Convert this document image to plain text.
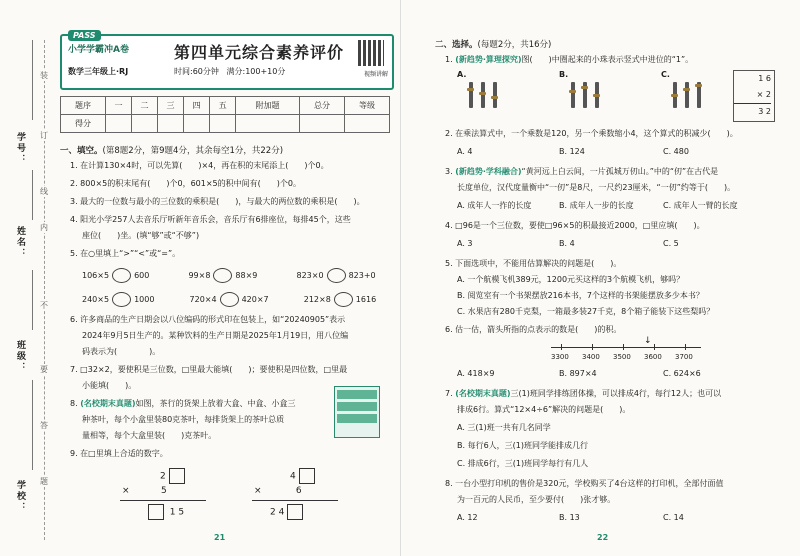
学号：
姓名：
班级：
学校：
装
订
线
内
不
要
答
题
PASS
小学学霸冲A卷
数学三年级上·RJ
第四单元综合素养评价
时间:60分钟 满分:100+10分	视频讲解
题序	一	二	三	四	五	附加题	总分	等级
得分								
一、填空。(第8题2分，第9题4分，其余每空1分，共22分)
1. 在计算130×4时，可以先算(　　)×4，再在积的末尾添上(　　)个0。
2. 800×5的积末尾有(　　)个0，601×5的积中间有(　　)个0。
3. 最大的一位数与最小的三位数的乘积是(　　)，与最大的两位数的乘积是(　　)。
4. 阳光小学257人去音乐厅听新年音乐会，音乐厅有6排座位，每排45个，这些
座位(　　)坐。(填“够”或“不够”)
5. 在○里填上“>”“<”或“=”。
106×5	600	99×8	88×9	823×0	823+0
240×5	1000	720×4	420×7	212×8	1616
6. 许多商品的生产日期会以八位编码的形式印在包装上，如“20240905”表示
2024年9月5日生产的。某种饮料的生产日期是2025年1月19日，用八位编
码表示为(　　　　)。
7. □32×2，要使积是三位数，□里最大能填(　　)；要使积是四位数，□里最
小能填(　　)。
8. (名校期末真题)如图，茶行的货架上放着大盒、中盒、小盒三
种茶叶，每个小盒里装80克茶叶，每排货架上的茶叶总质
量相等，每个大盒里装(　　)克茶叶。
9. 在□里填上合适的数字。
2
×           5
1 5
4
×            6
2 4
21
二、选择。(每题2分，共16分)
1. (新趋势·算理探究)图(　　)中圈起来的小珠表示竖式中进位的“1”。
A.	B.	C.	1 6
× 2
3 2
2. 在乘法算式中，一个乘数是120，另一个乘数缩小4，这个算式的积减少(　　)。
A. 4	B. 124	C. 480
3. (新趋势·学科融合)“黄河远上白云间，一片孤城万仞山。”中的“仞”在古代是
长度单位，汉代度量衡中“一仞”是8尺，一尺约23厘米，“一仞”约等于(　　)。
A. 成年人一拃的长度	B. 成年人一步的长度	C. 成年人一臂的长度
4. □96是一个三位数，要使□96×5的积最接近2000，□里应填(　　)。
A. 3	B. 4	C. 5
5. 下面选项中，不能用估算解决的问题是(　　)。
A. 一个航模飞机389元，1200元买这样的3个航模飞机，够吗？
B. 阅览室有一个书架摆放216本书，7个这样的书架能摆放多少本书？
C. 水果店有280千克梨，一箱最多装27千克，8个箱子能装下这些梨吗？
6. 估一估，箭头所指的点表示的数是(　　)的积。
↓
3300 3400 3500 3600 3700
A. 418×9	B. 897×4	C. 624×6
7. (名校期末真题)三(1)班同学排练团体操，可以排成4行，每行12人；也可以
排成6行。算式“12×4÷6”解决的问题是(　　)。
A. 三(1)班一共有几名同学
B. 每行6人，三(1)班同学能排成几行
C. 排成6行，三(1)班同学每行有几人
8. 一台小型打印机的售价是320元，学校购买了4台这样的打印机，全部付面值
为一百元的人民币，至少要付(　　)张才够。
A. 12	B. 13	C. 14
22
